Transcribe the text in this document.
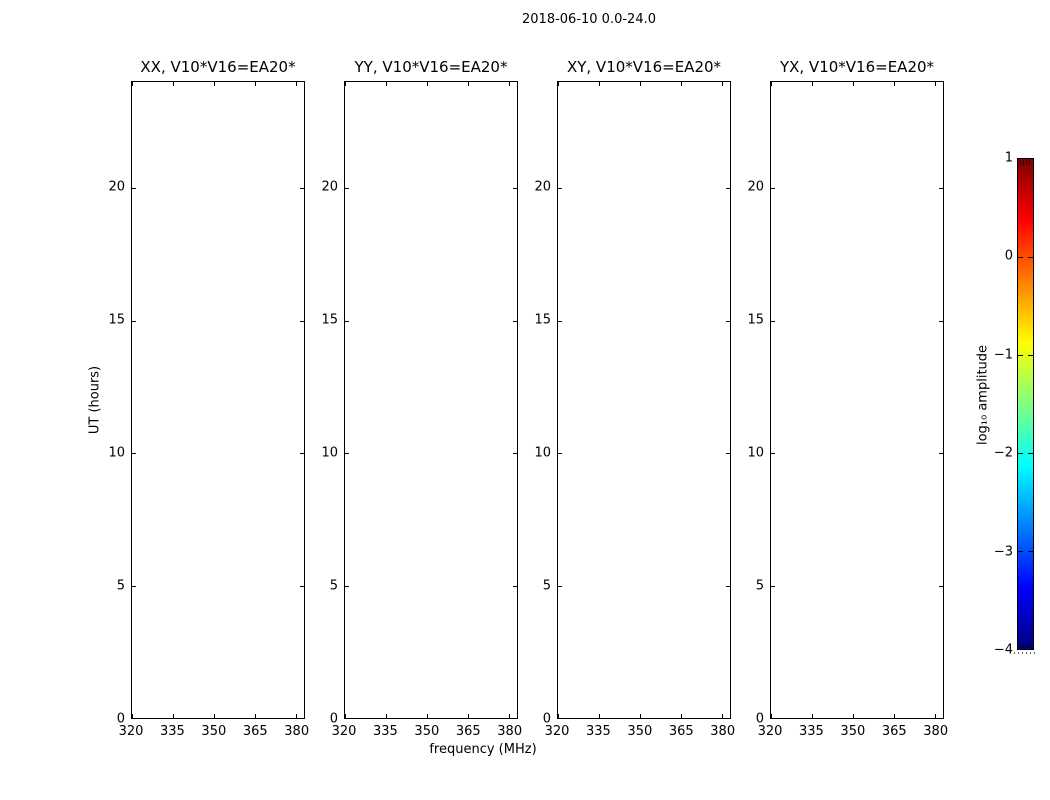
2018-06-10 0.0-24.0
UT (hours)
frequency (MHz)
XX, V10*V16=EA20*
320 335 350 365 380
0
5
10
15
20
YY, V10*V16=EA20*
320 335 350 365 380
0
5
10
15
20
XY, V10*V16=EA20*
320 335 350 365 380
0
5
10
15
20
YX, V10*V16=EA20*
320 335 350 365 380
0
5
10
15
20
1
0
−1
−2
−3
−4
log₁₀ amplitude
